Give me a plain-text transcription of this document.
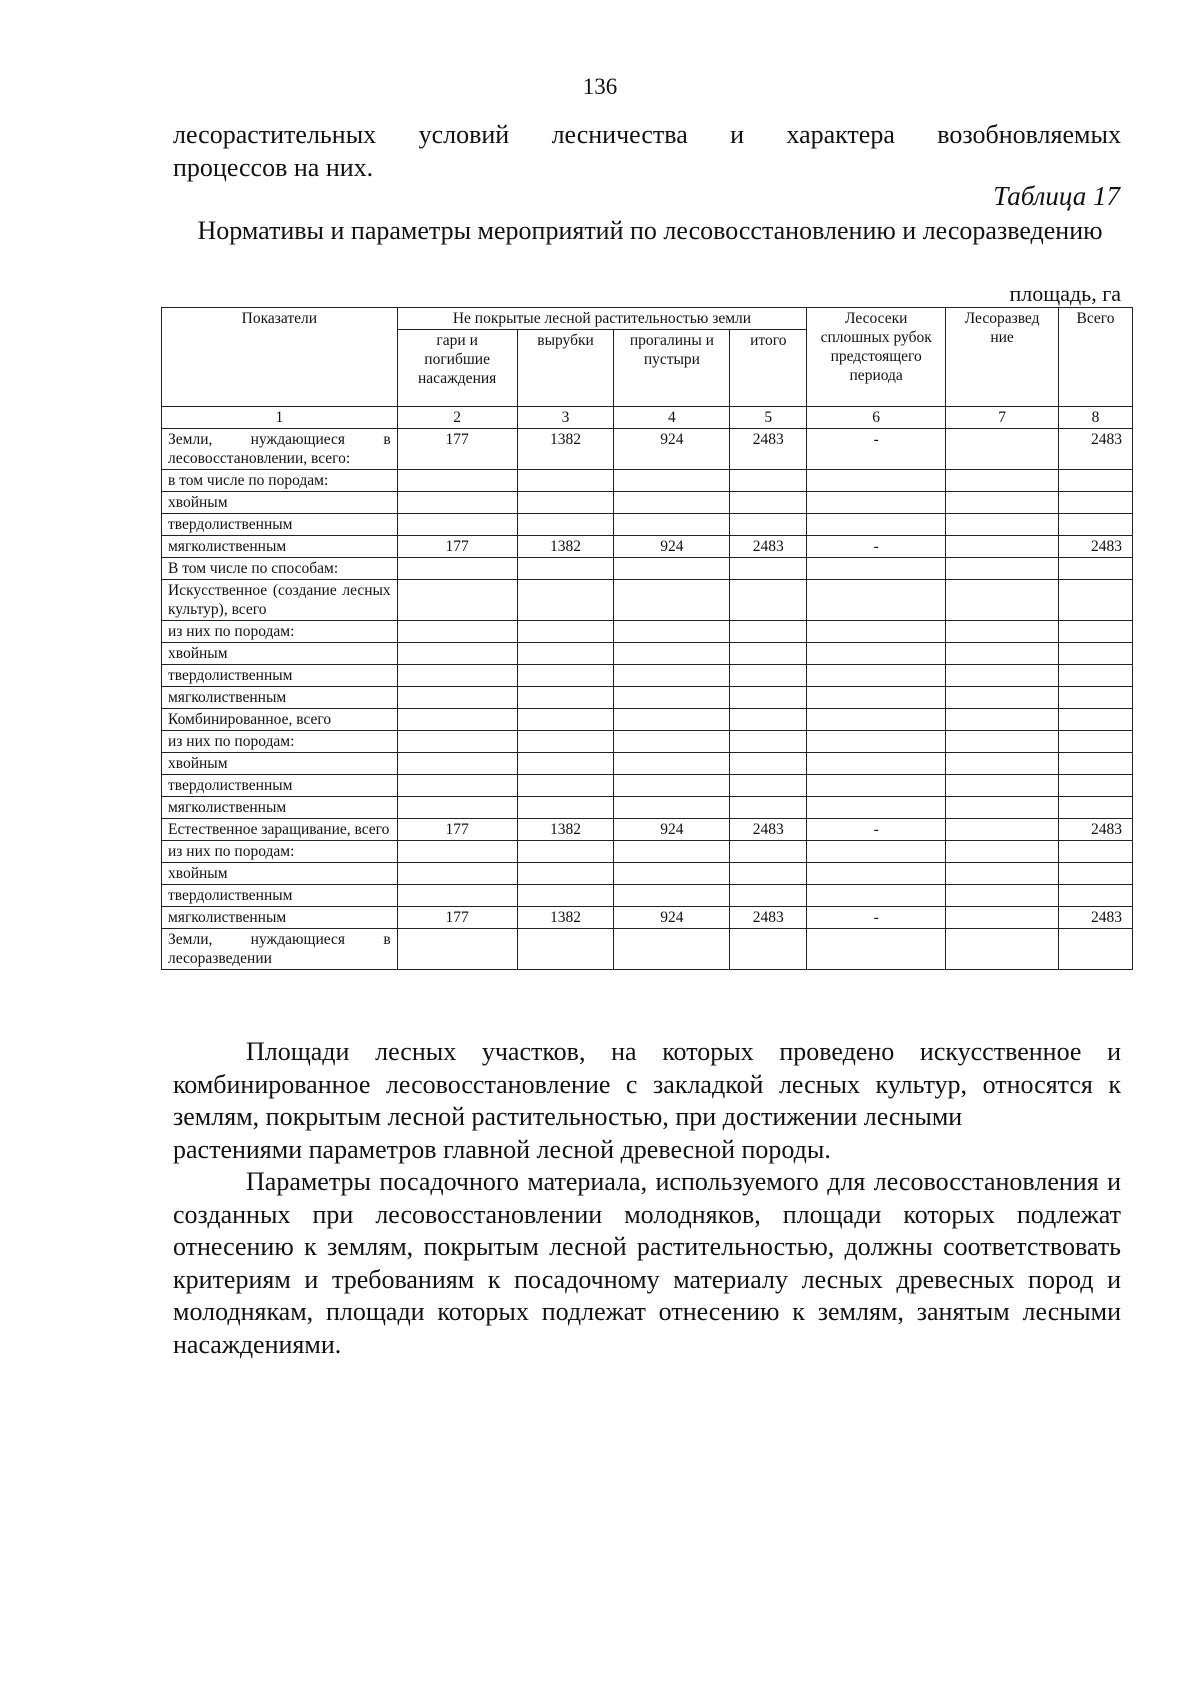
136
лесорастительных условий лесничества и характера возобновляемых
процессов на них.
Таблица 17
Нормативы и параметры мероприятий по лесовосстановлению и лесоразведению
площадь, га
Показатели	Не покрытые лесной растительностью земли				Лесосеки сплошных рубок предстоящего периода	Лесоразвед ние	Всего
	гари и погибшие насаждения	вырубки	прогалины и пустыри	итого			
1	2	3	4	5	6	7	8
Земли, нуждающиеся в лесовосстановлении, всего:	177	1382	924	2483	-		2483
в том числе по породам:							
хвойным							
твердолиственным							
мягколиственным	177	1382	924	2483	-		2483
В том числе по способам:							
Искусственное (создание лесных культур), всего							
из них по породам:							
хвойным							
твердолиственным							
мягколиственным							
Комбинированное, всего							
из них по породам:							
хвойным							
твердолиственным							
мягколиственным							
Естественное заращивание, всего	177	1382	924	2483	-		2483
из них по породам:							
хвойным							
твердолиственным							
мягколиственным	177	1382	924	2483	-		2483
Земли, нуждающиеся в лесоразведении							

Площади лесных участков, на которых проведено искусственное и комбинированное лесовосстановление с закладкой лесных культур, относятся к землям, покрытым лесной растительностью, при достижении лесными

растениями параметров главной лесной древесной породы.

Параметры посадочного материала, используемого для лесовосстановления и созданных при лесовосстановлении молодняков, площади которых подлежат отнесению к землям, покрытым лесной растительностью, должны соответствовать критериям и требованиям к посадочному материалу лесных древесных пород и молоднякам, площади которых подлежат отнесению к землям, занятым лесными насаждениями.
